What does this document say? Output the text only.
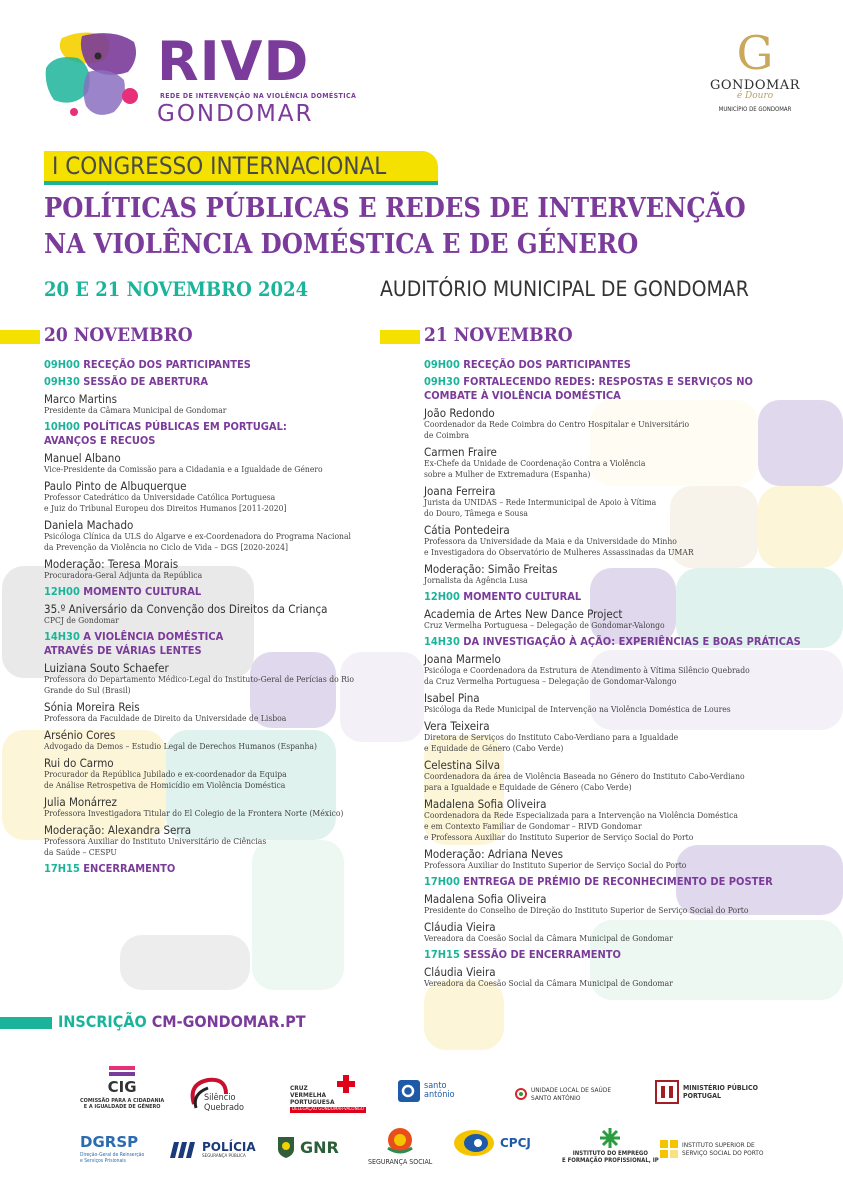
RIVD
REDE DE INTERVENÇÃO NA VIOLÊNCIA DOMÉSTICA
GONDOMAR
G
GONDOMAR
é Douro
MUNICÍPIO DE GONDOMAR
I CONGRESSO INTERNACIONAL
POLÍTICAS PÚBLICAS E REDES DE INTERVENÇÃO
NA VIOLÊNCIA DOMÉSTICA E DE GÉNERO
20 E 21 NOVEMBRO 2024	AUDITÓRIO MUNICIPAL DE GONDOMAR
20 NOVEMBRO	21 NOVEMBRO
09H00 RECEÇÃO DOS PARTICIPANTES
09H30 SESSÃO DE ABERTURA
Marco Martins
Presidente da Câmara Municipal de Gondomar
10H00 POLÍTICAS PÚBLICAS EM PORTUGAL:
AVANÇOS E RECUOS
Manuel Albano
Vice-Presidente da Comissão para a Cidadania e a Igualdade de Género
Paulo Pinto de Albuquerque
Professor Catedrático da Universidade Católica Portuguesa
e Juiz do Tribunal Europeu dos Direitos Humanos [2011-2020]
Daniela Machado
Psicóloga Clínica da ULS do Algarve e ex-Coordenadora do Programa Nacional
da Prevenção da Violência no Ciclo de Vida – DGS [2020-2024]
Moderação: Teresa Morais
Procuradora-Geral Adjunta da República
12H00 MOMENTO CULTURAL
35.º Aniversário da Convenção dos Direitos da Criança
CPCJ de Gondomar
14H30 A VIOLÊNCIA DOMÉSTICA
ATRAVÉS DE VÁRIAS LENTES
Luiziana Souto Schaefer
Professora do Departamento Médico-Legal do Instituto-Geral de Perícias do Rio
Grande do Sul (Brasil)
Sónia Moreira Reis
Professora da Faculdade de Direito da Universidade de Lisboa
Arsénio Cores
Advogado da Demos – Estudio Legal de Derechos Humanos (Espanha)
Rui do Carmo
Procurador da República Jubilado e ex-coordenador da Equipa
de Análise Retrospetiva de Homicídio em Violência Doméstica
Julia Monárrez
Professora Investigadora Titular do El Colegio de la Frontera Norte (México)
Moderação: Alexandra Serra
Professora Auxiliar do Instituto Universitário de Ciências
da Saúde – CESPU
17H15 ENCERRAMENTO
09H00 RECEÇÃO DOS PARTICIPANTES
09H30 FORTALECENDO REDES: RESPOSTAS E SERVIÇOS NO
COMBATE À VIOLÊNCIA DOMÉSTICA
João Redondo
Coordenador da Rede Coimbra do Centro Hospitalar e Universitário
de Coimbra
Carmen Fraire
Ex-Chefe da Unidade de Coordenação Contra a Violência
sobre a Mulher de Extremadura (Espanha)
Joana Ferreira
Jurista da UNIDAS – Rede Intermunicipal de Apoio à Vítima
do Douro, Tâmega e Sousa
Cátia Pontedeira
Professora da Universidade da Maia e da Universidade do Minho
e Investigadora do Observatório de Mulheres Assassinadas da UMAR
Moderação: Simão Freitas
Jornalista da Agência Lusa
12H00 MOMENTO CULTURAL
Academia de Artes New Dance Project
Cruz Vermelha Portuguesa – Delegação de Gondomar-Valongo
14H30 DA INVESTIGAÇÃO À AÇÃO: EXPERIÊNCIAS E BOAS PRÁTICAS
Joana Marmelo
Psicóloga e Coordenadora da Estrutura de Atendimento à Vítima Silêncio Quebrado
da Cruz Vermelha Portuguesa – Delegação de Gondomar-Valongo
Isabel Pina
Psicóloga da Rede Municipal de Intervenção na Violência Doméstica de Loures
Vera Teixeira
Diretora de Serviços do Instituto Cabo-Verdiano para a Igualdade
e Equidade de Género (Cabo Verde)
Celestina Silva
Coordenadora da área de Violência Baseada no Género do Instituto Cabo-Verdiano
para a Igualdade e Equidade de Género (Cabo Verde)
Madalena Sofia Oliveira
Coordenadora da Rede Especializada para a Intervenção na Violência Doméstica
e em Contexto Familiar de Gondomar – RIVD Gondomar
e Professora Auxiliar do Instituto Superior de Serviço Social do Porto
Moderação: Adriana Neves
Professora Auxiliar do Instituto Superior de Serviço Social do Porto
17H00 ENTREGA DE PRÉMIO DE RECONHECIMENTO DE POSTER
Madalena Sofia Oliveira
Presidente do Conselho de Direção do Instituto Superior de Serviço Social do Porto
Cláudia Vieira
Vereadora da Coesão Social da Câmara Municipal de Gondomar
17H15 SESSÃO DE ENCERRAMENTO
Cláudia Vieira
Vereadora da Coesão Social da Câmara Municipal de Gondomar
INSCRIÇÃO CM-GONDOMAR.PT
CIG
COMISSÃO PARA A CIDADANIA
E A IGUALDADE DE GÉNERO
Silêncio
Quebrado
CRUZ
VERMELHA
PORTUGUESA
DELEGAÇÃO GONDOMAR-VALONGO
santo
antónio	UNIDADE LOCAL DE SAÚDE
SANTO ANTÓNIO
MINISTÉRIO PÚBLICO
PORTUGAL
DGRSP
Direção-Geral de Reinserção
e Serviços Prisionais
POLÍCIA
SEGURANÇA PÚBLICA	GNR
SEGURANÇA SOCIAL
CPCJ
INSTITUTO DO EMPREGO
E FORMAÇÃO PROFISSIONAL, IP
INSTITUTO SUPERIOR DE
SERVIÇO SOCIAL DO PORTO
